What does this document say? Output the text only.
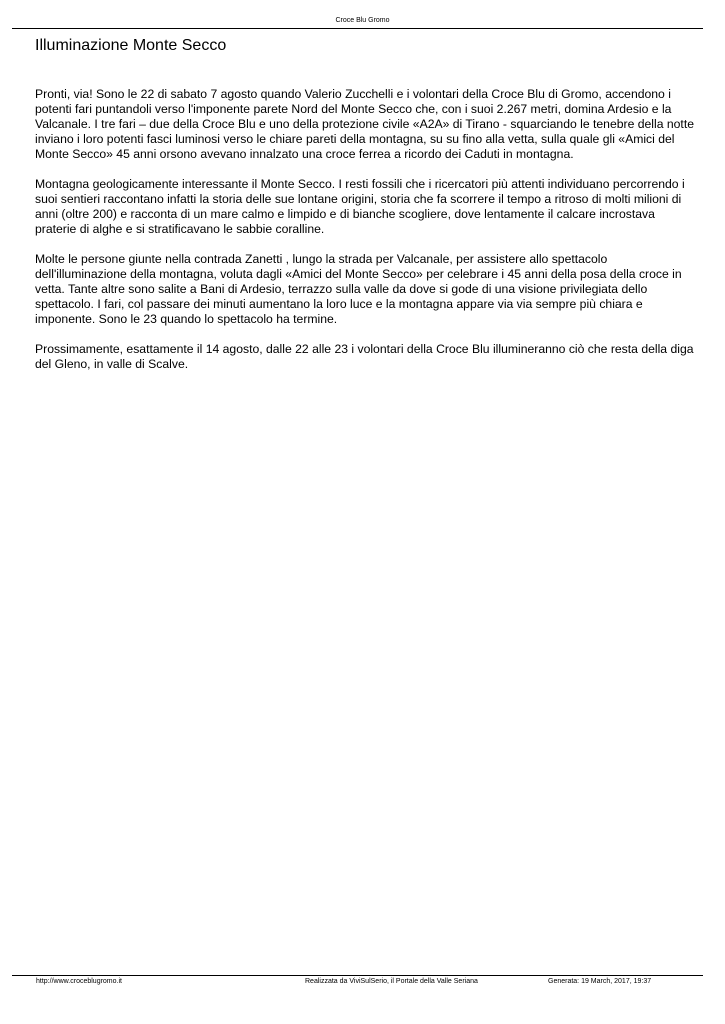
Croce Blu Gromo
Illuminazione Monte Secco

Pronti, via! Sono le 22 di sabato 7 agosto quando Valerio Zucchelli e i volontari della Croce Blu di Gromo, accendono i potenti fari puntandoli verso l'imponente parete Nord del Monte Secco che, con i suoi 2.267 metri, domina Ardesio e la Valcanale. I tre fari – due della Croce Blu e uno della protezione civile «A2A» di Tirano - squarciando le tenebre della notte inviano i loro potenti fasci luminosi verso le chiare pareti della montagna, su su fino alla vetta, sulla quale gli «Amici del Monte Secco» 45 anni orsono avevano innalzato una croce ferrea a ricordo dei Caduti in montagna.

Montagna geologicamente interessante il Monte Secco. I resti fossili che i ricercatori più attenti individuano percorrendo i suoi sentieri raccontano infatti la storia delle sue lontane origini, storia che fa scorrere il tempo a ritroso di molti milioni di anni (oltre 200) e racconta di un mare calmo e limpido e di bianche scogliere, dove lentamente il calcare incrostava praterie di alghe e si stratificavano le sabbie coralline.

Molte le persone giunte nella contrada Zanetti , lungo la strada per Valcanale, per assistere allo spettacolo dell'illuminazione della montagna, voluta dagli «Amici del Monte Secco» per celebrare i 45 anni della posa della croce in vetta. Tante altre sono salite a Bani di Ardesio, terrazzo sulla valle da dove si gode di una visione privilegiata dello spettacolo. I fari, col passare dei minuti aumentano la loro luce e la montagna appare via via sempre più chiara e imponente. Sono le 23 quando lo spettacolo ha termine.

Prossimamente, esattamente il 14 agosto, dalle 22 alle 23 i volontari della Croce Blu illumineranno ciò che resta della diga del Gleno, in valle di Scalve.

http://www.croceblugromo.it	Realizzata da ViviSulSerio, il Portale della Valle Seriana	Generata: 19 March, 2017, 19:37
